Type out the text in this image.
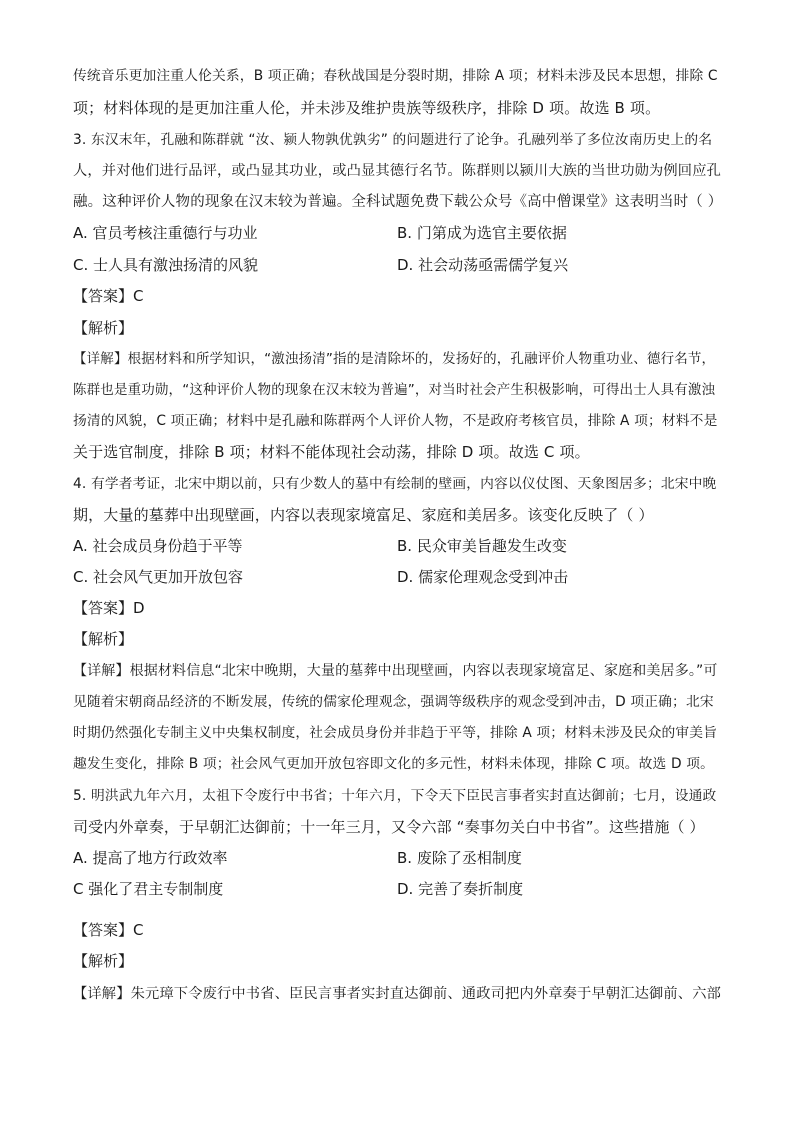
传统音乐更加注重人伦关系，B 项正确；春秋战国是分裂时期，排除 A 项；材料未涉及民本思想，排除 C
项；材料体现的是更加注重人伦，并未涉及维护贵族等级秩序，排除 D 项。故选 B 项。
3. 东汉末年，孔融和陈群就 “汝、颍人物孰优孰劣” 的问题进行了论争。孔融列举了多位汝南历史上的名
人，并对他们进行品评，或凸显其功业，或凸显其德行名节。陈群则以颍川大族的当世功勋为例回应孔
融。这种评价人物的现象在汉末较为普遍。全科试题免费下载公众号《高中僧课堂》这表明当时（ ）
A. 官员考核注重德行与功业	B. 门第成为选官主要依据
C. 士人具有激浊扬清的风貌	D. 社会动荡亟需儒学复兴
【答案】C
【解析】
【详解】根据材料和所学知识，“激浊扬清”指的是清除坏的，发扬好的，孔融评价人物重功业、德行名节，
陈群也是重功勋，“这种评价人物的现象在汉末较为普遍”，对当时社会产生积极影响，可得出士人具有激浊
扬清的风貌，C 项正确；材料中是孔融和陈群两个人评价人物，不是政府考核官员，排除 A 项；材料不是
关于选官制度，排除 B 项；材料不能体现社会动荡，排除 D 项。故选 C 项。
4. 有学者考证，北宋中期以前，只有少数人的墓中有绘制的壁画，内容以仪仗图、天象图居多；北宋中晚
期，大量的墓葬中出现壁画，内容以表现家境富足、家庭和美居多。该变化反映了（ ）
A. 社会成员身份趋于平等	B. 民众审美旨趣发生改变
C. 社会风气更加开放包容	D. 儒家伦理观念受到冲击
【答案】D
【解析】
【详解】根据材料信息“北宋中晚期，大量的墓葬中出现壁画，内容以表现家境富足、家庭和美居多。”可
见随着宋朝商品经济的不断发展，传统的儒家伦理观念，强调等级秩序的观念受到冲击，D 项正确；北宋
时期仍然强化专制主义中央集权制度，社会成员身份并非趋于平等，排除 A 项；材料未涉及民众的审美旨
趣发生变化，排除 B 项；社会风气更加开放包容即文化的多元性，材料未体现，排除 C 项。故选 D 项。
5. 明洪武九年六月，太祖下令废行中书省；十年六月，下令天下臣民言事者实封直达御前；七月，设通政
司受内外章奏，于早朝汇达御前；十一年三月，又令六部 “奏事勿关白中书省”。这些措施（ ）
A. 提高了地方行政效率	B. 废除了丞相制度
C 强化了君主专制制度	D. 完善了奏折制度
【答案】C
【解析】
【详解】朱元璋下令废行中书省、臣民言事者实封直达御前、通政司把内外章奏于早朝汇达御前、六部
